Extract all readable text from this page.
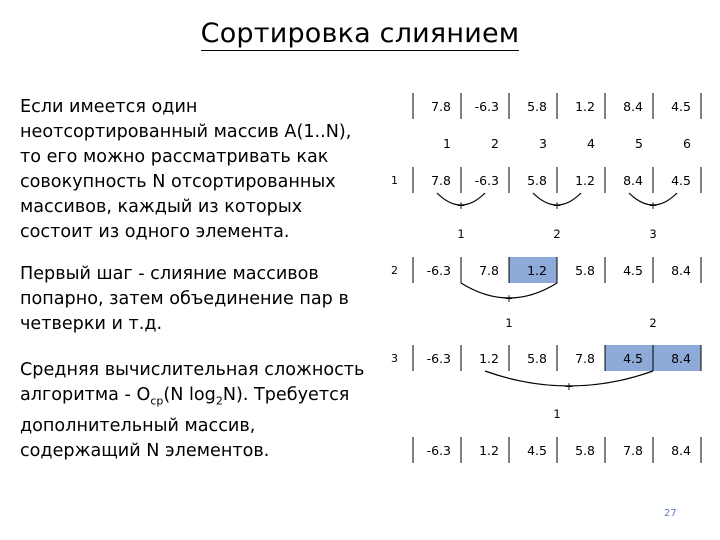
Сортировка слиянием
Если имеется один неотсортированный массив A(1..N), то его можно рассматривать как совокупность N отсортированных массивов, каждый из которых состоит из одного элемента.
Первый шаг - слияние массивов попарно, затем объединение пар в четверки и т.д.
Средняя вычислительная сложность алгоритма - $O_{ср}(N$ $\log_2N$). Требуется дополнительный массив, содержащий N элементов.
7.8 -6.3 5.8 1.2 8.4 4.5
1	2	3	4	5	6
1	7.8 -6.3 5.8 1.2 8.4 4.5
2 -6.3 7.8 1.2 5.8 4.5 8.4
3 -6.3 1.2 5.8 7.8 4.5 8.4
-6.3 1.2 4.5 5.8 7.8 8.4
+	+	+
1	2	3
+
1	2
+
1
27
